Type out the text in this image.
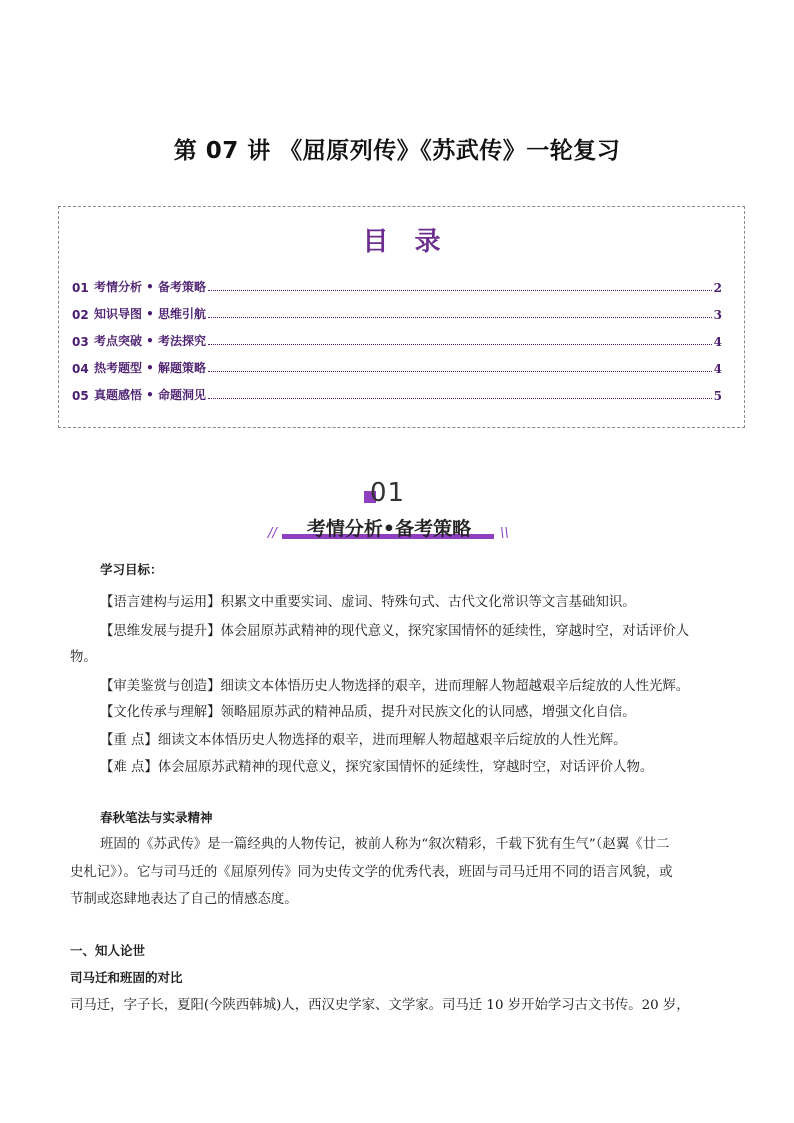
第 07 讲 《屈原列传》《苏武传》一轮复习
目录
01 考情分析 • 备考策略	2
02 知识导图 • 思维引航	3
03 考点突破 • 考法探究	4
04 热考题型 • 解题策略	4
05 真题感悟 • 命题洞见	5
01
//	考情分析•备考策略	\\
学习目标：
【语言建构与运用】积累文中重要实词、虚词、特殊句式、古代文化常识等文言基础知识。
【思维发展与提升】体会屈原苏武精神的现代意义，探究家国情怀的延续性，穿越时空，对话评价人
物。
【审美鉴赏与创造】细读文本体悟历史人物选择的艰辛，进而理解人物超越艰辛后绽放的人性光辉。
【文化传承与理解】领略屈原苏武的精神品质，提升对民族文化的认同感，增强文化自信。
【重 点】细读文本体悟历史人物选择的艰辛，进而理解人物超越艰辛后绽放的人性光辉。
【难 点】体会屈原苏武精神的现代意义，探究家国情怀的延续性，穿越时空，对话评价人物。
春秋笔法与实录精神
班固的《苏武传》是一篇经典的人物传记，被前人称为“叙次精彩，千载下犹有生气”（赵翼《廿二
史札记》）。它与司马迁的《屈原列传》同为史传文学的优秀代表，班固与司马迁用不同的语言风貌，或
节制或恣肆地表达了自己的情感态度。
一、知人论世
司马迁和班固的对比
司马迁，字子长，夏阳(今陕西韩城)人，西汉史学家、文学家。司马迁 10 岁开始学习古文书传。20 岁，
